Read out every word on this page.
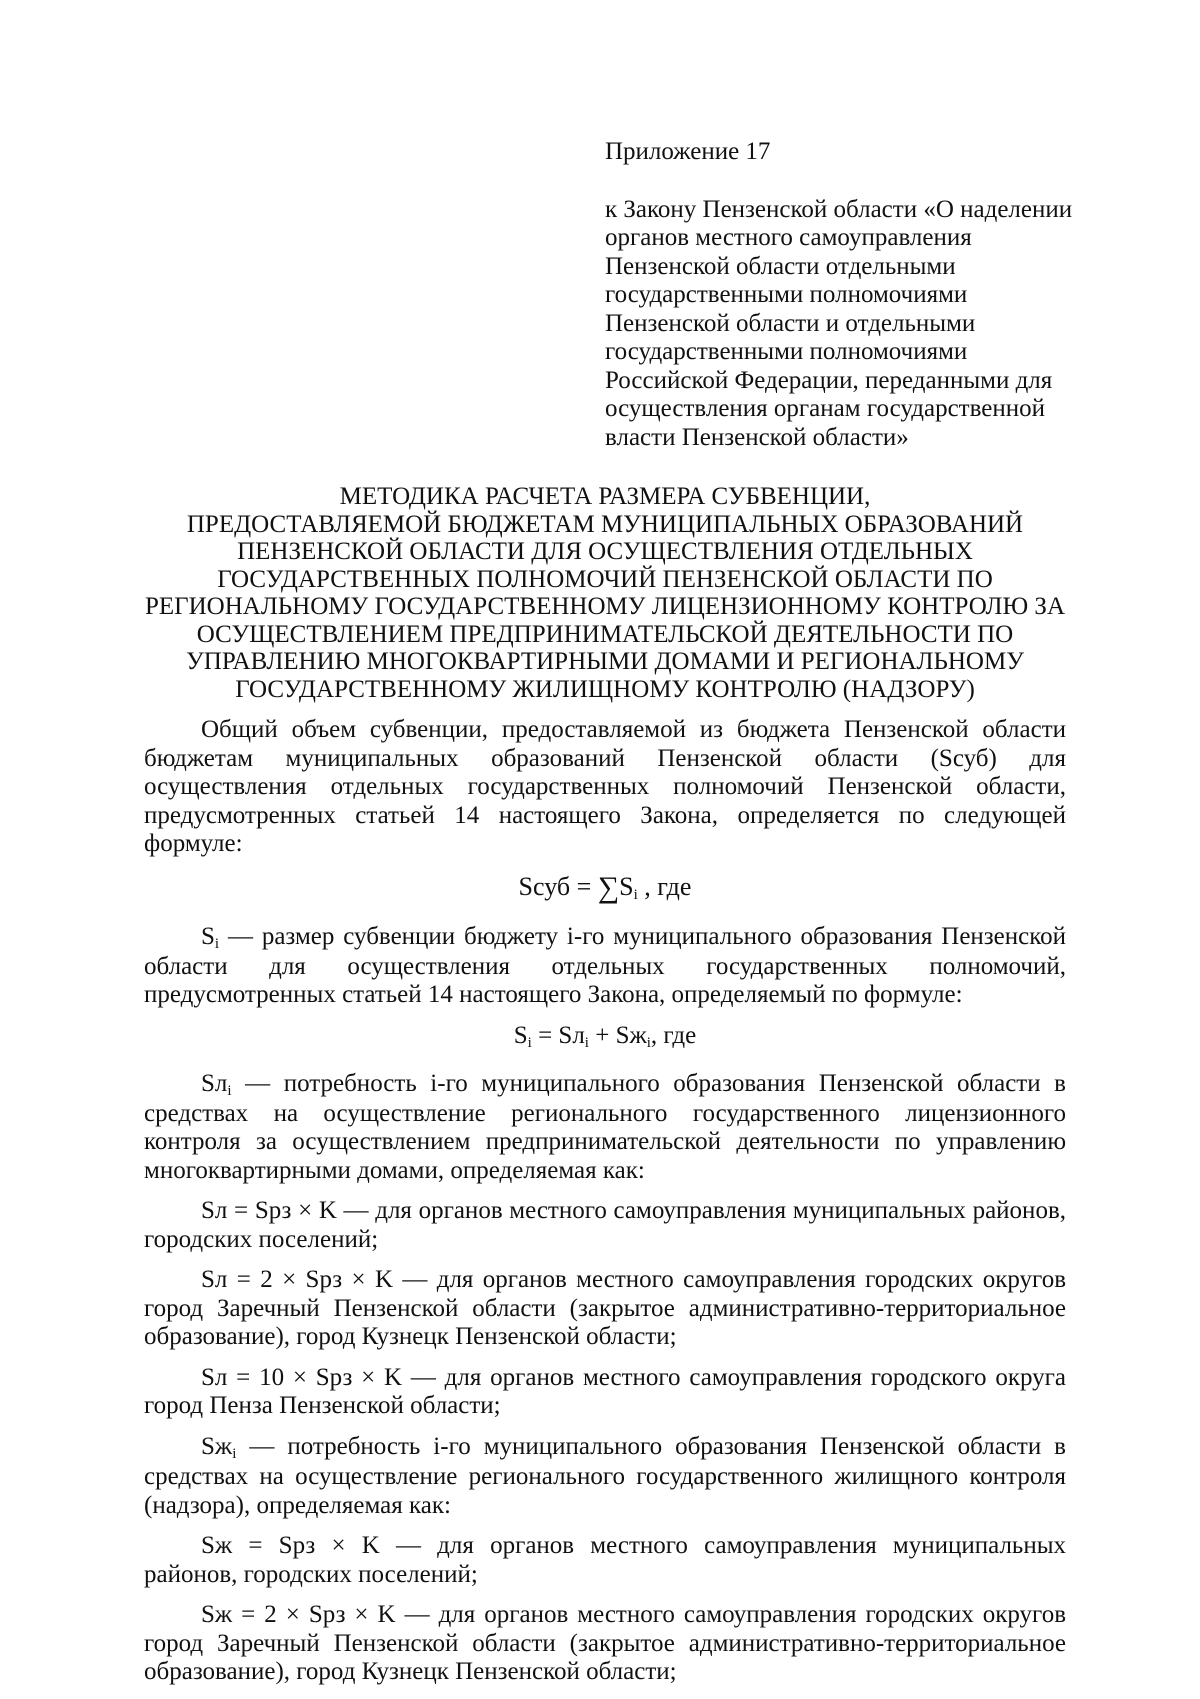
Приложение 17

к Закону Пензенской области «О наделении органов местного самоуправления Пензенской области отдельными государственными полномочиями Пензенской области и отдельными государственными полномочиями Российской Федерации, переданными для осуществления органам государственной власти Пензенской области»

МЕТОДИКА РАСЧЕТА РАЗМЕРА СУБВЕНЦИИ,
ПРЕДОСТАВЛЯЕМОЙ БЮДЖЕТАМ МУНИЦИПАЛЬНЫХ ОБРАЗОВАНИЙ
ПЕНЗЕНСКОЙ ОБЛАСТИ ДЛЯ ОСУЩЕСТВЛЕНИЯ ОТДЕЛЬНЫХ
ГОСУДАРСТВЕННЫХ ПОЛНОМОЧИЙ ПЕНЗЕНСКОЙ ОБЛАСТИ ПО
РЕГИОНАЛЬНОМУ ГОСУДАРСТВЕННОМУ ЛИЦЕНЗИОННОМУ КОНТРОЛЮ ЗА
ОСУЩЕСТВЛЕНИЕМ ПРЕДПРИНИМАТЕЛЬСКОЙ ДЕЯТЕЛЬНОСТИ ПО
УПРАВЛЕНИЮ МНОГОКВАРТИРНЫМИ ДОМАМИ И РЕГИОНАЛЬНОМУ
ГОСУДАРСТВЕННОМУ ЖИЛИЩНОМУ КОНТРОЛЮ (НАДЗОРУ)

Общий объем субвенции, предоставляемой из бюджета Пензенской области бюджетам муниципальных образований Пензенской области (Sсуб) для осуществления отдельных государственных полномочий Пензенской области, предусмотренных статьей 14 настоящего Закона, определяется по следующей формуле:

Sсуб = $\sum S_i$ , где

$S_i$ — размер субвенции бюджету i-го муниципального образования Пензенской области для осуществления отдельных государственных полномочий, предусмотренных статьей 14 настоящего Закона, определяемый по формуле:

$S_i = Sл_i + Sж_i$, где

$Sл_i$ — потребность i-го муниципального образования Пензенской области в средствах на осуществление регионального государственного лицензионного контроля за осуществлением предпринимательской деятельности по управлению многоквартирными домами, определяемая как:

Sл = Sрз × K — для органов местного самоуправления муниципальных районов, городских поселений;

Sл = 2 × Sрз × K — для органов местного самоуправления городских округов город Заречный Пензенской области (закрытое административно-территориальное образование), город Кузнецк Пензенской области;

Sл = 10 × Sрз × K — для органов местного самоуправления городского округа город Пенза Пензенской области;

$Sж_i$ — потребность i-го муниципального образования Пензенской области в средствах на осуществление регионального государственного жилищного контроля (надзора), определяемая как:

Sж = Sрз × K — для органов местного самоуправления муниципальных районов, городских поселений;

Sж = 2 × Sрз × K — для органов местного самоуправления городских округов город Заречный Пензенской области (закрытое административно-территориальное образование), город Кузнецк Пензенской области;
